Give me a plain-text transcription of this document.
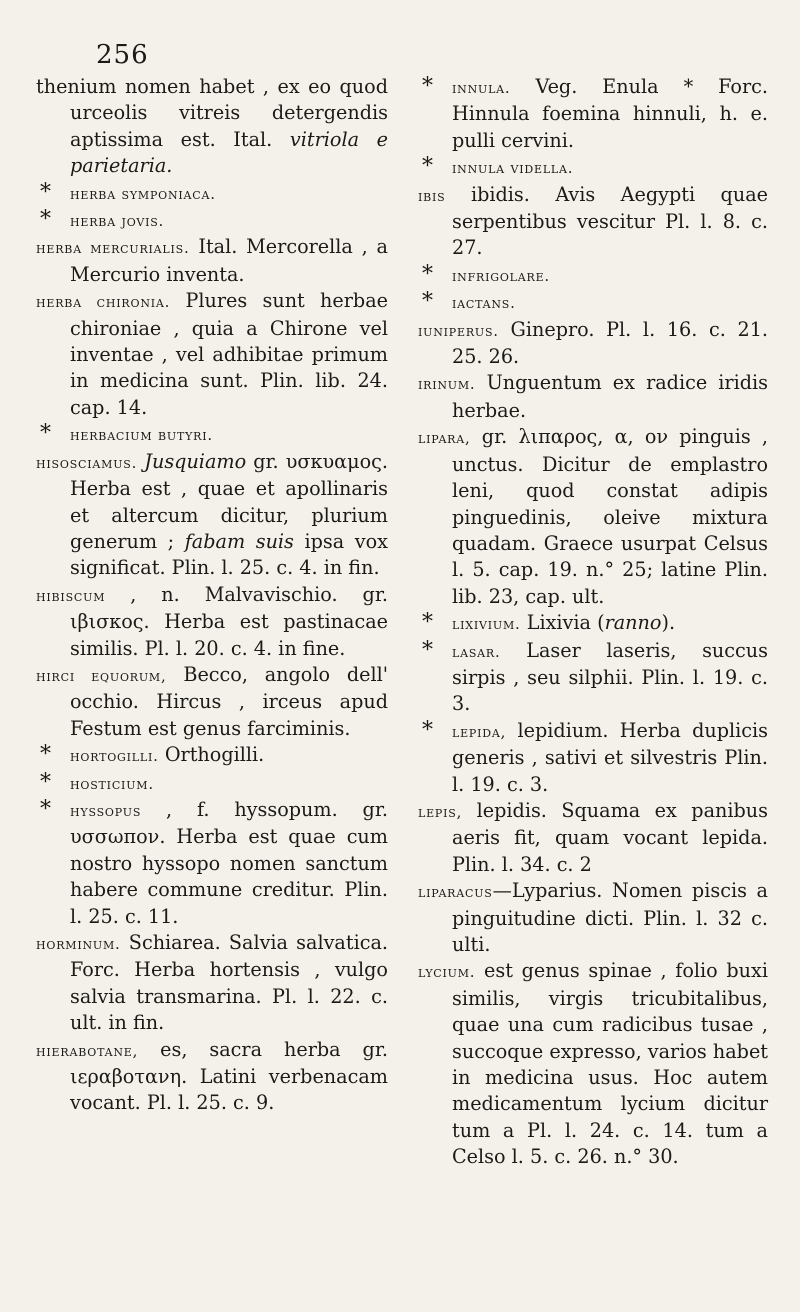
256
thenium nomen habet , ex eo quod urceolis vitreis detergendis aptissima est. Ital. vitriola e parietaria.
* herba symponiaca.
* herba jovis.
herba mercurialis. Ital. Mercorella , a Mercurio inventa.
herba chironia. Plures sunt herbae chironiae , quia a Chirone vel inventae , vel adhibitae primum in medicina sunt. Plin. lib. 24. cap. 14.
* herbacium butyri.
hisosciamus. Jusquiamo gr. υσκυαμος. Herba est , quae et apollinaris et altercum dicitur, plurium generum ; fabam suis ipsa vox significat. Plin. l. 25. c. 4. in fin.
hibiscum , n. Malvavischio. gr. ιβισκος. Herba est pastinacae similis. Pl. l. 20. c. 4. in fine.
hirci equorum, Becco, angolo dell' occhio. Hircus , irceus apud Festum est genus farciminis.
* hortogilli. Orthogilli.
* hosticium.
* hyssopus , f. hyssopum. gr. υσσωπον. Herba est quae cum nostro hyssopo nomen sanctum habere commune creditur. Plin. l. 25. c. 11.
horminum. Schiarea. Salvia salvatica. Forc. Herba hortensis , vulgo salvia transmarina. Pl. l. 22. c. ult. in fin.
hierabotane, es, sacra herba gr. ιεραβοτανη. Latini verbenacam vocant. Pl. l. 25. c. 9.
* innula. Veg. Enula * Forc. Hinnula foemina hinnuli, h. e. pulli cervini.
* innula vidella.
ibis ibidis. Avis Aegypti quae serpentibus vescitur Pl. l. 8. c. 27.
* infrigolare.
* iactans.
iuniperus. Ginepro. Pl. l. 16. c. 21. 25. 26.
irinum. Unguentum ex radice iridis herbae.
lipara, gr. λιπαρος, α, ον pinguis , unctus. Dicitur de emplastro leni, quod constat adipis pinguedinis, oleive mixtura quadam. Graece usurpat Celsus l. 5. cap. 19. n.° 25; latine Plin. lib. 23, cap. ult.
* lixivium. Lixivia (ranno).
* lasar. Laser laseris, succus sirpis , seu silphii. Plin. l. 19. c. 3.
* lepida, lepidium. Herba duplicis generis , sativi et silvestris Plin. l. 19. c. 3.
lepis, lepidis. Squama ex panibus aeris fit, quam vocant lepida. Plin. l. 34. c. 2
liparacus—Lyparius. Nomen piscis a pinguitudine dicti. Plin. l. 32 c. ulti.
lycium. est genus spinae , folio buxi similis, virgis tricubitalibus, quae una cum radicibus tusae , succoque expresso, varios habet in medicina usus. Hoc autem medicamentum lycium dicitur tum a Pl. l. 24. c. 14. tum a Celso l. 5. c. 26. n.° 30.
